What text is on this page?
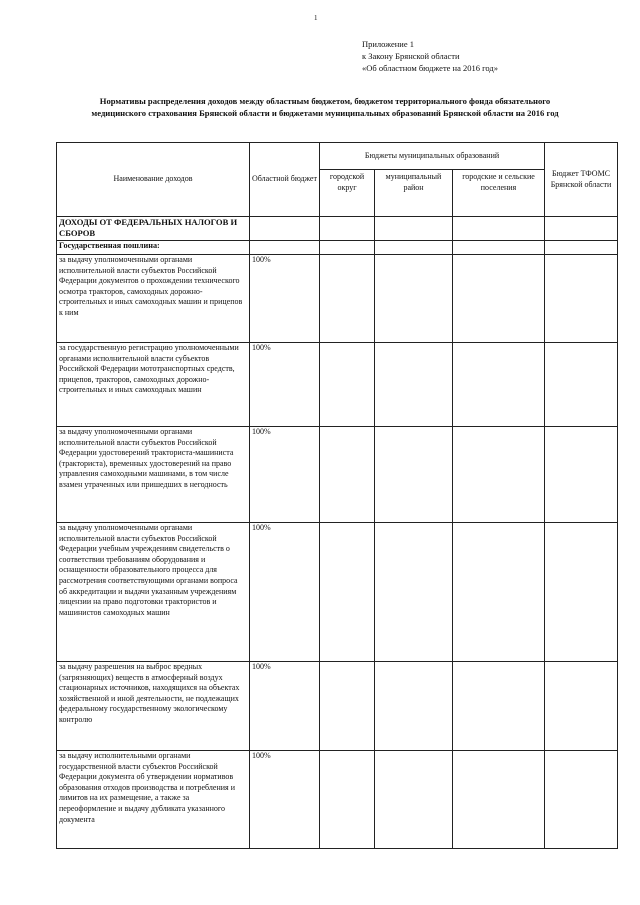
1
Приложение 1
к Закону Брянской области
«Об областном бюджете на 2016 год»
Нормативы распределения доходов между областным бюджетом, бюджетом территориального фонда обязательного
медицинского страхования Брянской области и бюджетами муниципальных образований Брянской области на 2016 год
Наименование доходов	Областной бюджет	Бюджеты муниципальных образований			Бюджет ТФОМС Брянской области
		городской округ	муниципальный район	городские и сельские поселения	
ДОХОДЫ ОТ ФЕДЕРАЛЬНЫХ НАЛОГОВ И СБОРОВ					
Государственная пошлина:					
за выдачу уполномоченными органами исполнительной власти субъектов Российской Федерации документов о прохождении технического осмотра тракторов, самоходных дорожно-строительных и иных самоходных машин и прицепов к ним	100%				
за государственную регистрацию уполномоченными органами исполнительной власти субъектов Российской Федерации мототранспортных средств, прицепов, тракторов, самоходных дорожно-строительных и иных самоходных машин	100%				
за выдачу уполномоченными органами исполнительной власти субъектов Российской Федерации удостоверений тракториста-машиниста (тракториста), временных удостоверений на право управления самоходными машинами, в том числе взамен утраченных или пришедших в негодность	100%				
за выдачу уполномоченными органами исполнительной власти субъектов Российской Федерации учебным учреждениям свидетельств о соответствии требованиям оборудования и оснащенности образовательного процесса для рассмотрения соответствующими органами вопроса об аккредитации и выдачи указанным учреждениям лицензии на право подготовки трактористов и машинистов самоходных машин	100%				
за выдачу разрешения на выброс вредных (загрязняющих) веществ в атмосферный воздух стационарных источников, находящихся на объектах хозяйственной и иной деятельности, не подлежащих федеральному государственному экологическому контролю	100%				
за выдачу исполнительными органами государственной власти субъектов Российской Федерации документа об утверждении нормативов образования отходов производства и потребления и лимитов на их размещение, а также за переоформление и выдачу дубликата указанного документа	100%				
